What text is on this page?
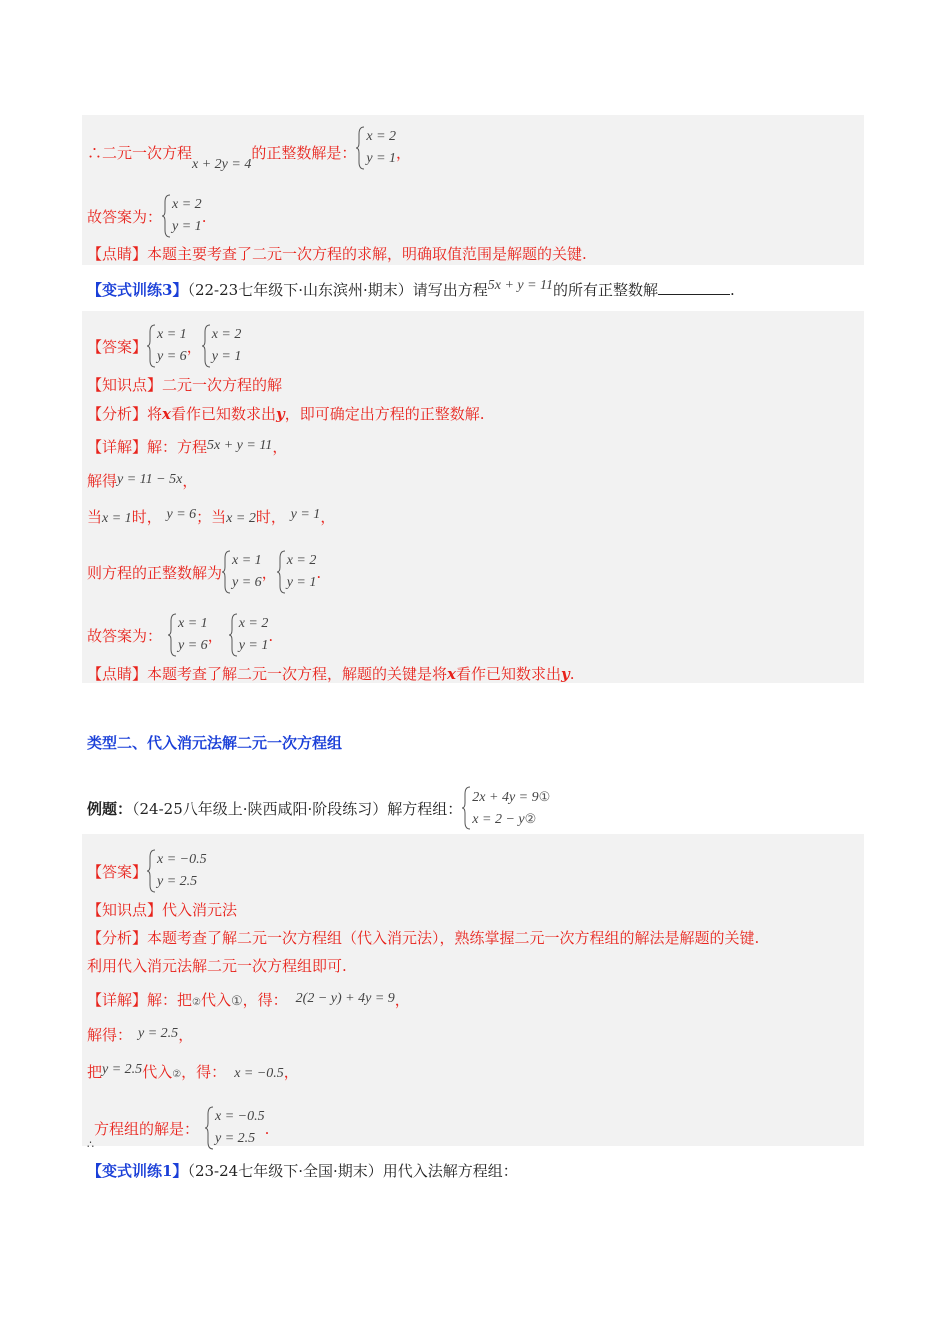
∴二元一次方程x + 2y = 4的正整数解是：
x = 2
y = 1 ，
故答案为：
x = 2
y = 1
.
【点睛】本题主要考查了二元一次方程的求解，明确取值范围是解题的关键.
【变式训练3】（22-23七年级下·山东滨州·期末）请写出方程5x + y = 11的所有正整数解	.
【答案】
x = 1
y = 6
，
x = 2
y = 1
【知识点】二元一次方程的解
【分析】将x看作已知数求出y，即可确定出方程的正整数解.
【详解】解：方程5x + y = 11，
解得y = 11 − 5x，
当x = 1时， y = 6；当x = 2时， y = 1，
则方程的正整数解为
x = 1
y = 6
，
x = 2
y = 1
.
故答案为：
x = 1
y = 6
，
x = 2
y = 1
.
【点睛】本题考查了解二元一次方程，解题的关键是将x看作已知数求出y.
类型二、代入消元法解二元一次方程组
例题：（24-25八年级上·陕西咸阳·阶段练习）解方程组：
2x + 4y = 9①
x = 2 − y②
【答案】
x = −0.5
y = 2.5
【知识点】代入消元法
【分析】本题考查了解二元一次方程组（代入消元法），熟练掌握二元一次方程组的解法是解题的关键.
利用代入消元法解二元一次方程组即可.
【详解】解：把②代入①，得： 2(2 − y) + 4y = 9，
解得： y = 2.5，
把y = 2.5代入②，得： x = −0.5，
∴方程组的解是：
x = −0.5
y = 2.5
.
【变式训练1】（23-24七年级下·全国·期末）用代入法解方程组：
